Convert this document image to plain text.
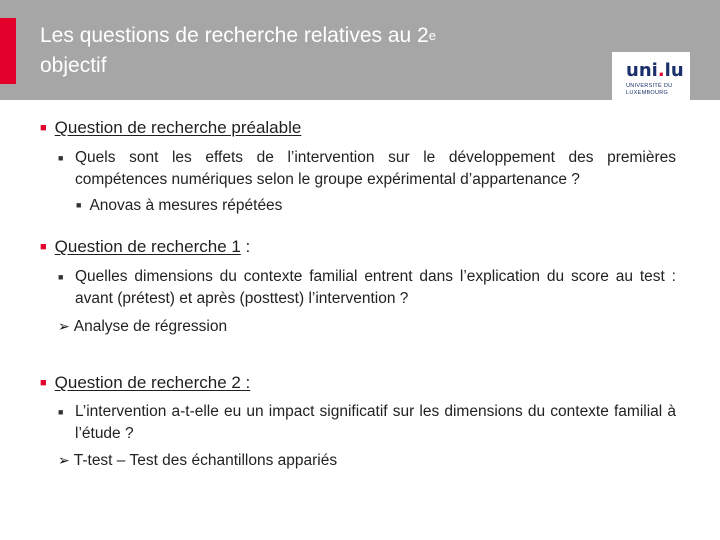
Les questions de recherche relatives au 2e
objectif	uni.lu
UNIVERSITÉ DU LUXEMBOURG
■ Question de recherche préalable
■ Quels sont les effets de l’intervention sur le développement des premières compétences numériques selon le groupe expérimental d’appartenance ?
■ Anovas à mesures répétées
■ Question de recherche 1 :
■ Quelles dimensions du contexte familial entrent dans l’explication du score au test : avant (prétest) et après (posttest) l’intervention ?
➢ Analyse de régression
■ Question de recherche 2 :
■ L’intervention a-t-elle eu un impact significatif sur les dimensions du contexte familial à l’étude ?
➢ T-test – Test des échantillons appariés
